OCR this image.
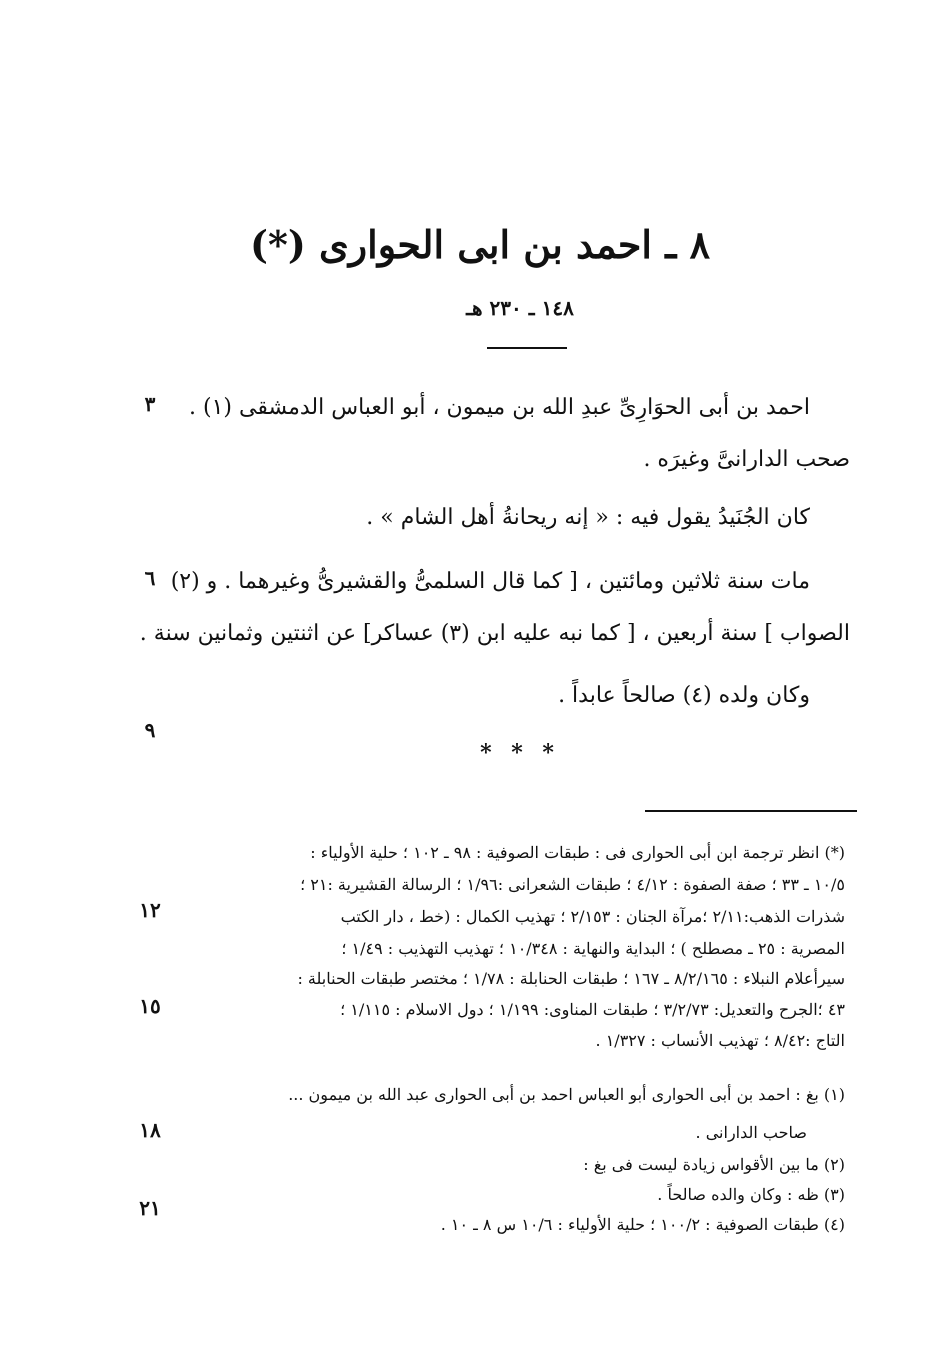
٨ ـ احمد بن ابى الحوارى (*)
١٤٨ ـ ٢٣٠ هـ
احمد بن أبى الحوَارِىِّ عبدِ الله بن ميمون ، أبو العباس الدمشقى (١) .
صحب الدارانىَّ وغيرَه .
كان الجُنَيدُ يقول فيه : « إنه ريحانةُ أهل الشام » .
مات سنة ثلاثين ومائتين ، [ كما قال السلمىُّ والقشيرىُّ وغيرهما . و (٢)
الصواب ] سنة أربعين ، [ كما نبه عليه ابن (٣) عساكر] عن اثنتين وثمانين سنة .
وكان ولده (٤) صالحاً عابداً .
* * *
(*) انظر ترجمة ابن أبى الحوارى فى : طبقات الصوفية : ٩٨ ـ ١٠٢ ؛ حلية الأولياء :
١٠/٥ ـ ٣٣ ؛ صفة الصفوة : ٤/١٢ ؛ طبقات الشعرانى :١/٩٦ ؛ الرسالة القشيرية :٢١ ؛
شذرات الذهب:٢/١١ ؛مرآة الجنان : ٢/١٥٣ ؛ تهذيب الكمال : (خط ، دار الكتب
المصرية : ٢٥ ـ مصطلح ) ؛ البداية والنهاية : ١٠/٣٤٨ ؛ تهذيب التهذيب : ١/٤٩ ؛
سيرأعلام النبلاء : ٨/٢/١٦٥ ـ ١٦٧ ؛ طبقات الحنابلة : ١/٧٨ ؛ مختصر طبقات الحنابلة :
٤٣ ؛الجرح والتعديل: ٣/٢/٧٣ ؛ طبقات المناوى: ١/١٩٩ ؛ دول الاسلام : ١/١١٥ ؛
التاج :٨/٤٢ ؛ تهذيب الأنساب : ١/٣٢٧ .
(١) بغ : احمد بن أبى الحوارى أبو العباس احمد بن أبى الحوارى عبد الله بن ميمون ...
صاحب الدارانى .
(٢) ما بين الأقواس زيادة ليست فى بغ :
(٣) ظه : وكان والده صالحاً .
(٤) طبقات الصوفية : ١٠٠/٢ ؛ حلية الأولياء : ١٠/٦ س ٨ ـ ١٠ .
٣
٦
٩
١٢
١٥
١٨
٢١
